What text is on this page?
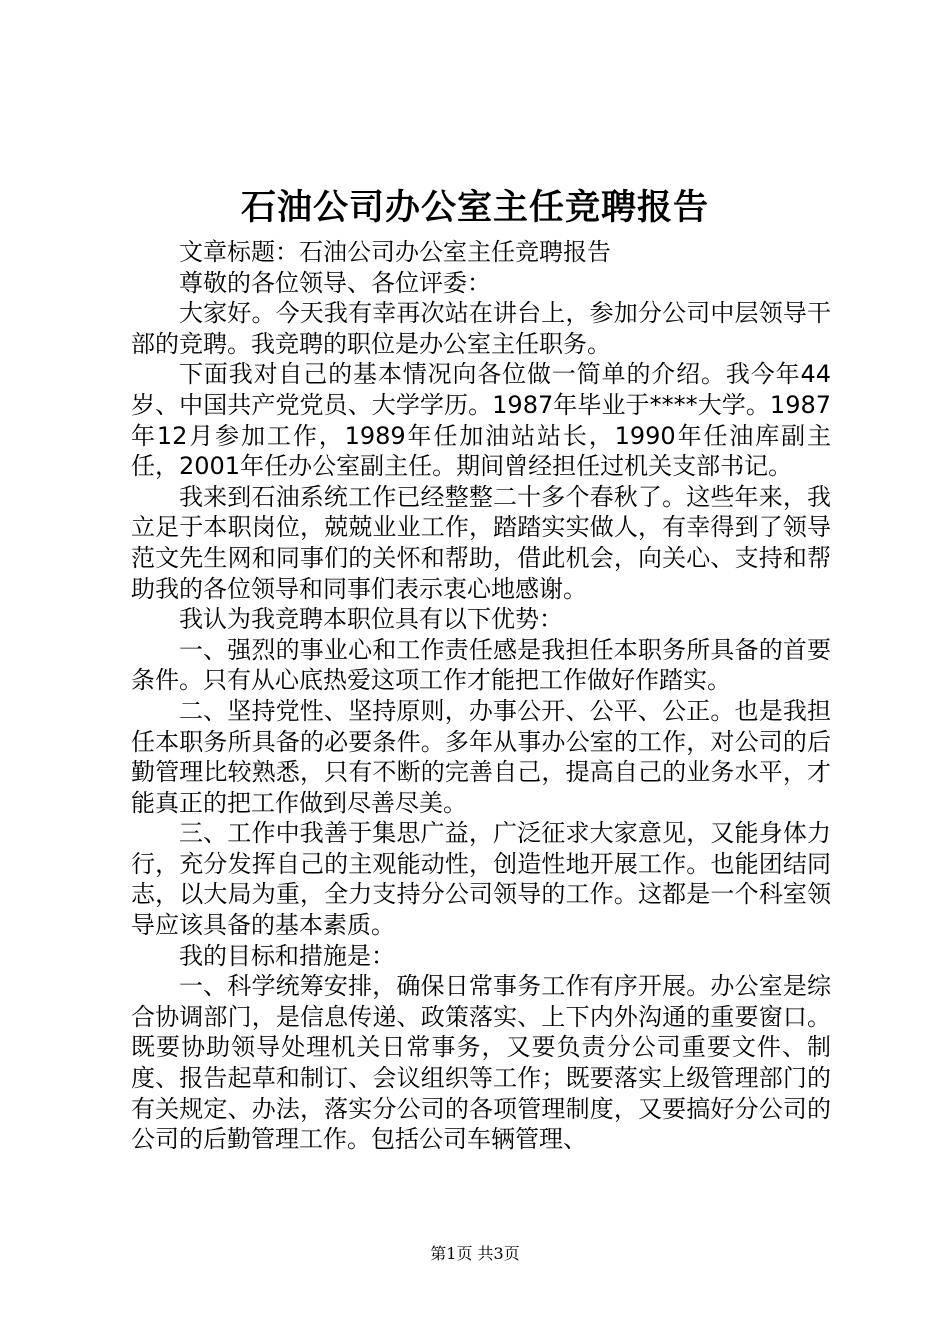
石油公司办公室主任竞聘报告

文章标题：石油公司办公室主任竞聘报告

尊敬的各位领导、各位评委：

大家好。今天我有幸再次站在讲台上，参加分公司中层领导干部的竞聘。我竞聘的职位是办公室主任职务。

下面我对自己的基本情况向各位做一简单的介绍。我今年44岁、中国共产党党员、大学学历。1987年毕业于****大学。1987年12月参加工作，1989年任加油站站长，1990年任油库副主任，2001年任办公室副主任。期间曾经担任过机关支部书记。

我来到石油系统工作已经整整二十多个春秋了。这些年来，我立足于本职岗位，兢兢业业工作，踏踏实实做人，有幸得到了领导范文先生网和同事们的关怀和帮助，借此机会，向关心、支持和帮助我的各位领导和同事们表示衷心地感谢。

我认为我竞聘本职位具有以下优势：

一、强烈的事业心和工作责任感是我担任本职务所具备的首要条件。只有从心底热爱这项工作才能把工作做好作踏实。

二、坚持党性、坚持原则，办事公开、公平、公正。也是我担任本职务所具备的必要条件。多年从事办公室的工作，对公司的后勤管理比较熟悉，只有不断的完善自己，提高自己的业务水平，才能真正的把工作做到尽善尽美。

三、工作中我善于集思广益，广泛征求大家意见，又能身体力行，充分发挥自己的主观能动性，创造性地开展工作。也能团结同志，以大局为重，全力支持分公司领导的工作。这都是一个科室领导应该具备的基本素质。

我的目标和措施是：

一、科学统筹安排，确保日常事务工作有序开展。办公室是综合协调部门，是信息传递、政策落实、上下内外沟通的重要窗口。既要协助领导处理机关日常事务，又要负责分公司重要文件、制度、报告起草和制订、会议组织等工作；既要落实上级管理部门的有关规定、办法，落实分公司的各项管理制度，又要搞好分公司的公司的后勤管理工作。包括公司车辆管理、

第1页 共3页
